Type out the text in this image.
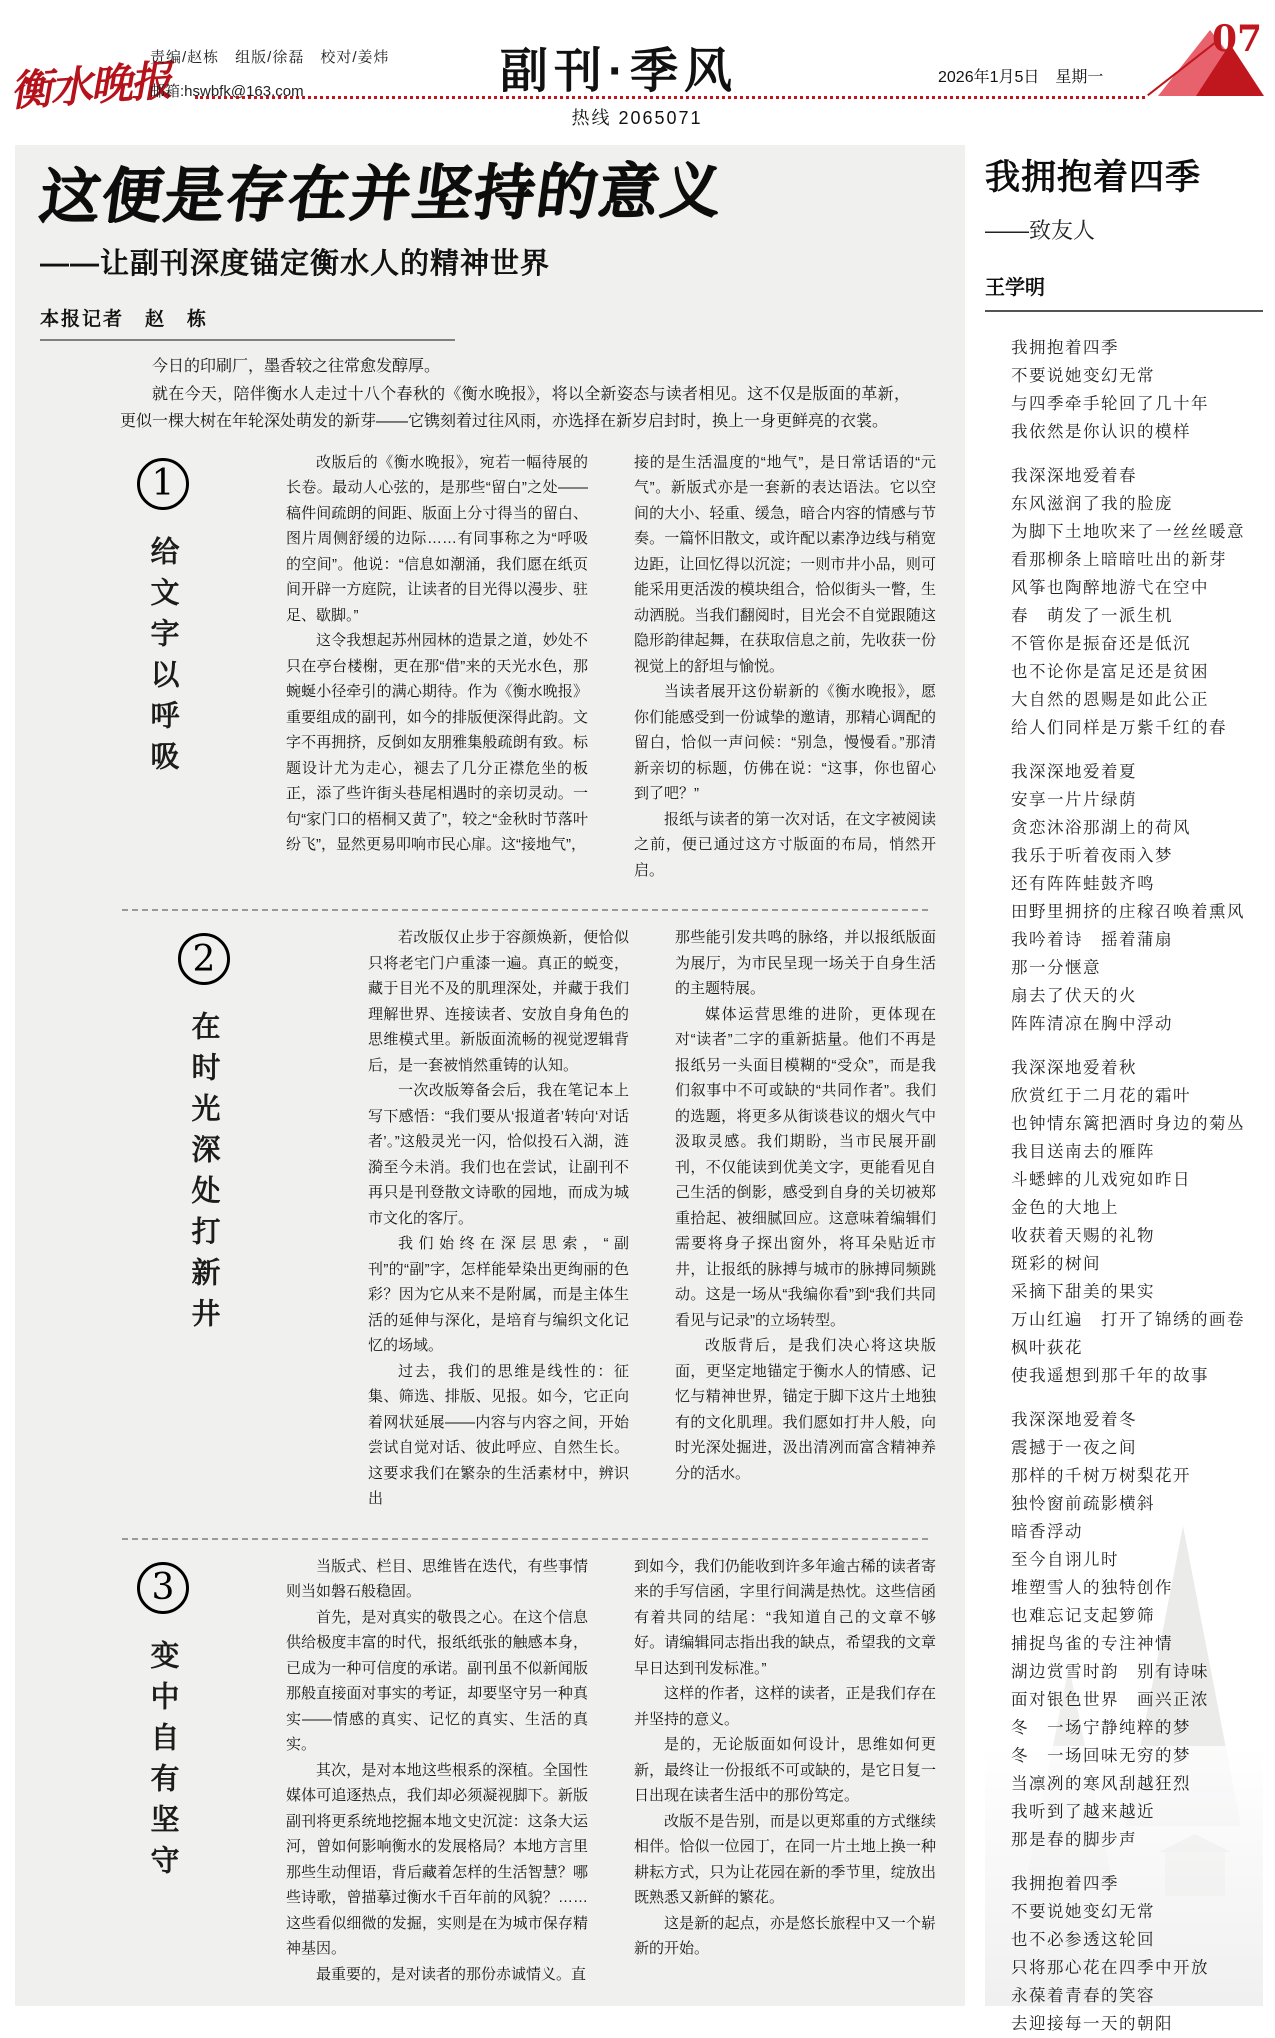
衡水晚报
责编/赵栋　组版/徐磊　校对/姜炜
邮箱:hswbfk@163.com	副刊·季风	2026年1月5日　星期一
07
热线 2065071
这便是存在并坚持的意义
——让副刊深度锚定衡水人的精神世界
本报记者　赵　栋

今日的印刷厂，墨香较之往常愈发醇厚。

就在今天，陪伴衡水人走过十八个春秋的《衡水晚报》，将以全新姿态与读者相见。这不仅是版面的革新，更似一棵大树在年轮深处萌发的新芽——它镌刻着过往风雨，亦选择在新岁启封时，换上一身更鲜亮的衣裳。

1
给文字以呼吸

改版后的《衡水晚报》，宛若一幅待展的长卷。最动人心弦的，是那些“留白”之处——稿件间疏朗的间距、版面上分寸得当的留白、图片周侧舒缓的边际……有同事称之为“呼吸的空间”。他说：“信息如潮涌，我们愿在纸页间开辟一方庭院，让读者的目光得以漫步、驻足、歇脚。”

这令我想起苏州园林的造景之道，妙处不只在亭台楼榭，更在那“借”来的天光水色，那蜿蜒小径牵引的满心期待。作为《衡水晚报》重要组成的副刊，如今的排版便深得此韵。文字不再拥挤，反倒如友朋雅集般疏朗有致。标题设计尤为走心，褪去了几分正襟危坐的板正，添了些许街头巷尾相遇时的亲切灵动。一句“家门口的梧桐又黄了”，较之“金秋时节落叶纷飞”，显然更易叩响市民心扉。这“接地气”，

接的是生活温度的“地气”，是日常话语的“元气”。新版式亦是一套新的表达语法。它以空间的大小、轻重、缓急，暗合内容的情感与节奏。一篇怀旧散文，或许配以素净边线与稍宽边距，让回忆得以沉淀；一则市井小品，则可能采用更活泼的模块组合，恰似街头一瞥，生动洒脱。当我们翻阅时，目光会不自觉跟随这隐形韵律起舞，在获取信息之前，先收获一份视觉上的舒坦与愉悦。

当读者展开这份崭新的《衡水晚报》，愿你们能感受到一份诚挚的邀请，那精心调配的留白，恰似一声问候：“别急，慢慢看。”那清新亲切的标题，仿佛在说：“这事，你也留心到了吧？”

报纸与读者的第一次对话，在文字被阅读之前，便已通过这方寸版面的布局，悄然开启。

2
在时光深处打新井

若改版仅止步于容颜焕新，便恰似只将老宅门户重漆一遍。真正的蜕变，藏于目光不及的肌理深处，并藏于我们理解世界、连接读者、安放自身角色的思维模式里。新版面流畅的视觉逻辑背后，是一套被悄然重铸的认知。

一次改版筹备会后，我在笔记本上写下感悟：“我们要从‘报道者’转向‘对话者’。”这般灵光一闪，恰似投石入湖，涟漪至今未消。我们也在尝试，让副刊不再只是刊登散文诗歌的园地，而成为城市文化的客厅。

我们始终在深层思索，“副刊”的“副”字，怎样能晕染出更绚丽的色彩？因为它从来不是附属，而是主体生活的延伸与深化，是培育与编织文化记忆的场域。

过去，我们的思维是线性的：征集、筛选、排版、见报。如今，它正向着网状延展——内容与内容之间，开始尝试自觉对话、彼此呼应、自然生长。这要求我们在繁杂的生活素材中，辨识出

那些能引发共鸣的脉络，并以报纸版面为展厅，为市民呈现一场关于自身生活的主题特展。

媒体运营思维的进阶，更体现在对“读者”二字的重新掂量。他们不再是报纸另一头面目模糊的“受众”，而是我们叙事中不可或缺的“共同作者”。我们的选题，将更多从街谈巷议的烟火气中汲取灵感。我们期盼，当市民展开副刊，不仅能读到优美文字，更能看见自己生活的倒影，感受到自身的关切被郑重拾起、被细腻回应。这意味着编辑们需要将身子探出窗外，将耳朵贴近市井，让报纸的脉搏与城市的脉搏同频跳动。这是一场从“我编你看”到“我们共同看见与记录”的立场转型。

改版背后，是我们决心将这块版面，更坚定地锚定于衡水人的情感、记忆与精神世界，锚定于脚下这片土地独有的文化肌理。我们愿如打井人般，向时光深处掘进，汲出清冽而富含精神养分的活水。

3
变中自有坚守

当版式、栏目、思维皆在迭代，有些事情则当如磐石般稳固。

首先，是对真实的敬畏之心。在这个信息供给极度丰富的时代，报纸纸张的触感本身，已成为一种可信度的承诺。副刊虽不似新闻版那般直接面对事实的考证，却要坚守另一种真实——情感的真实、记忆的真实、生活的真实。

其次，是对本地这些根系的深植。全国性媒体可追逐热点，我们却必须凝视脚下。新版副刊将更系统地挖掘本地文史沉淀：这条大运河，曾如何影响衡水的发展格局？本地方言里那些生动俚语，背后藏着怎样的生活智慧？哪些诗歌，曾描摹过衡水千百年前的风貌？……这些看似细微的发掘，实则是在为城市保存精神基因。

最重要的，是对读者的那份赤诚情义。直

到如今，我们仍能收到许多年逾古稀的读者寄来的手写信函，字里行间满是热忱。这些信函有着共同的结尾：“我知道自己的文章不够好。请编辑同志指出我的缺点，希望我的文章早日达到刊发标准。”

这样的作者，这样的读者，正是我们存在并坚持的意义。

是的，无论版面如何设计，思维如何更新，最终让一份报纸不可或缺的，是它日复一日出现在读者生活中的那份笃定。

改版不是告别，而是以更郑重的方式继续相伴。恰似一位园丁，在同一片土地上换一种耕耘方式，只为让花园在新的季节里，绽放出既熟悉又新鲜的繁花。

这是新的起点，亦是悠长旅程中又一个崭新的开始。

我拥抱着四季
——致友人
王学明
我拥抱着四季
不要说她变幻无常
与四季牵手轮回了几十年
我依然是你认识的模样
我深深地爱着春
东风滋润了我的脸庞
为脚下土地吹来了一丝丝暖意
看那柳条上暗暗吐出的新芽
风筝也陶醉地游弋在空中
春　萌发了一派生机
不管你是振奋还是低沉
也不论你是富足还是贫困
大自然的恩赐是如此公正
给人们同样是万紫千红的春
我深深地爱着夏
安享一片片绿荫
贪恋沐浴那湖上的荷风
我乐于听着夜雨入梦
还有阵阵蛙鼓齐鸣
田野里拥挤的庄稼召唤着熏风
我吟着诗　摇着蒲扇
那一分惬意
扇去了伏天的火
阵阵清凉在胸中浮动
我深深地爱着秋
欣赏红于二月花的霜叶
也钟情东篱把酒时身边的菊丛
我目送南去的雁阵
斗蟋蟀的儿戏宛如昨日
金色的大地上
收获着天赐的礼物
斑彩的树间
采摘下甜美的果实
万山红遍　打开了锦绣的画卷
枫叶荻花
使我遥想到那千年的故事
我深深地爱着冬
震撼于一夜之间
那样的千树万树梨花开
独怜窗前疏影横斜
暗香浮动
至今自诩儿时
堆塑雪人的独特创作
也难忘记支起箩筛
捕捉鸟雀的专注神情
湖边赏雪时韵　别有诗味
面对银色世界　画兴正浓
冬　一场宁静纯粹的梦
冬　一场回味无穷的梦
当凛冽的寒风刮越狂烈
我听到了越来越近
那是春的脚步声
我拥抱着四季
不要说她变幻无常
也不必参透这轮回
只将那心花在四季中开放
永葆着青春的笑容
去迎接每一天的朝阳
